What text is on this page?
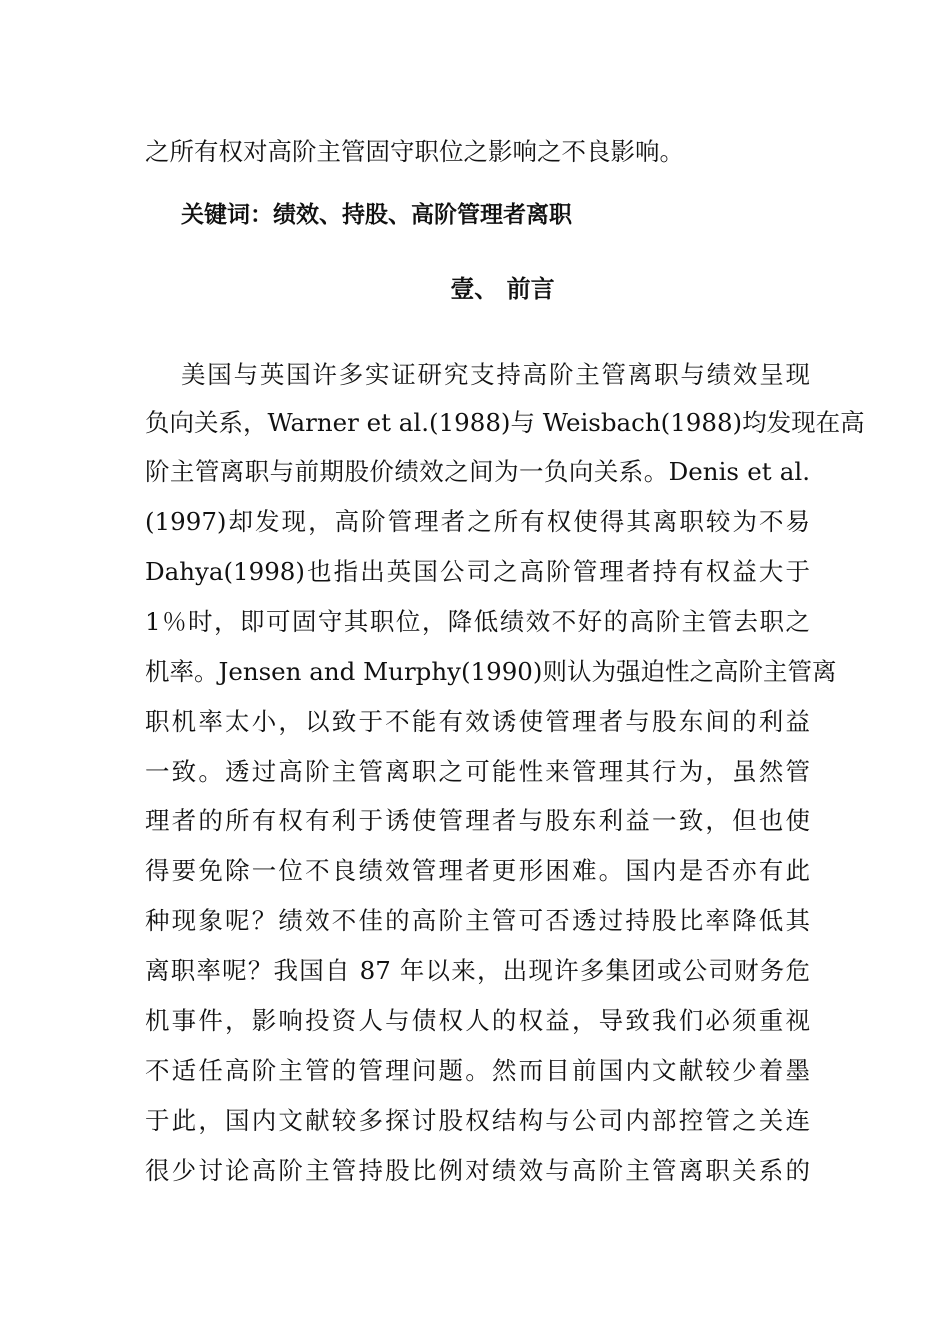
之所有权对高阶主管固守职位之影响之不良影响。
关键词：绩效、持股、高阶管理者离职
壹、 前言
美国与英国许多实证研究支持高阶主管离职与绩效呈现
负向关系，Warner et al.(1988)与 Weisbach(1988)均发现在高
阶主管离职与前期股价绩效之间为一负向关系。Denis et al.
(1997)却发现，高阶管理者之所有权使得其离职较为不易
Dahya(1998)也指出英国公司之高阶管理者持有权益大于
1％时，即可固守其职位，降低绩效不好的高阶主管去职之
机率。Jensen and Murphy(1990)则认为强迫性之高阶主管离
职机率太小，以致于不能有效诱使管理者与股东间的利益
一致。透过高阶主管离职之可能性来管理其行为，虽然管
理者的所有权有利于诱使管理者与股东利益一致，但也使
得要免除一位不良绩效管理者更形困难。国内是否亦有此
种现象呢？绩效不佳的高阶主管可否透过持股比率降低其
离职率呢？我国自 87 年以来，出现许多集团或公司财务危
机事件，影响投资人与债权人的权益，导致我们必须重视
不适任高阶主管的管理问题。然而目前国内文献较少着墨
于此，国内文献较多探讨股权结构与公司内部控管之关连
很少讨论高阶主管持股比例对绩效与高阶主管离职关系的
